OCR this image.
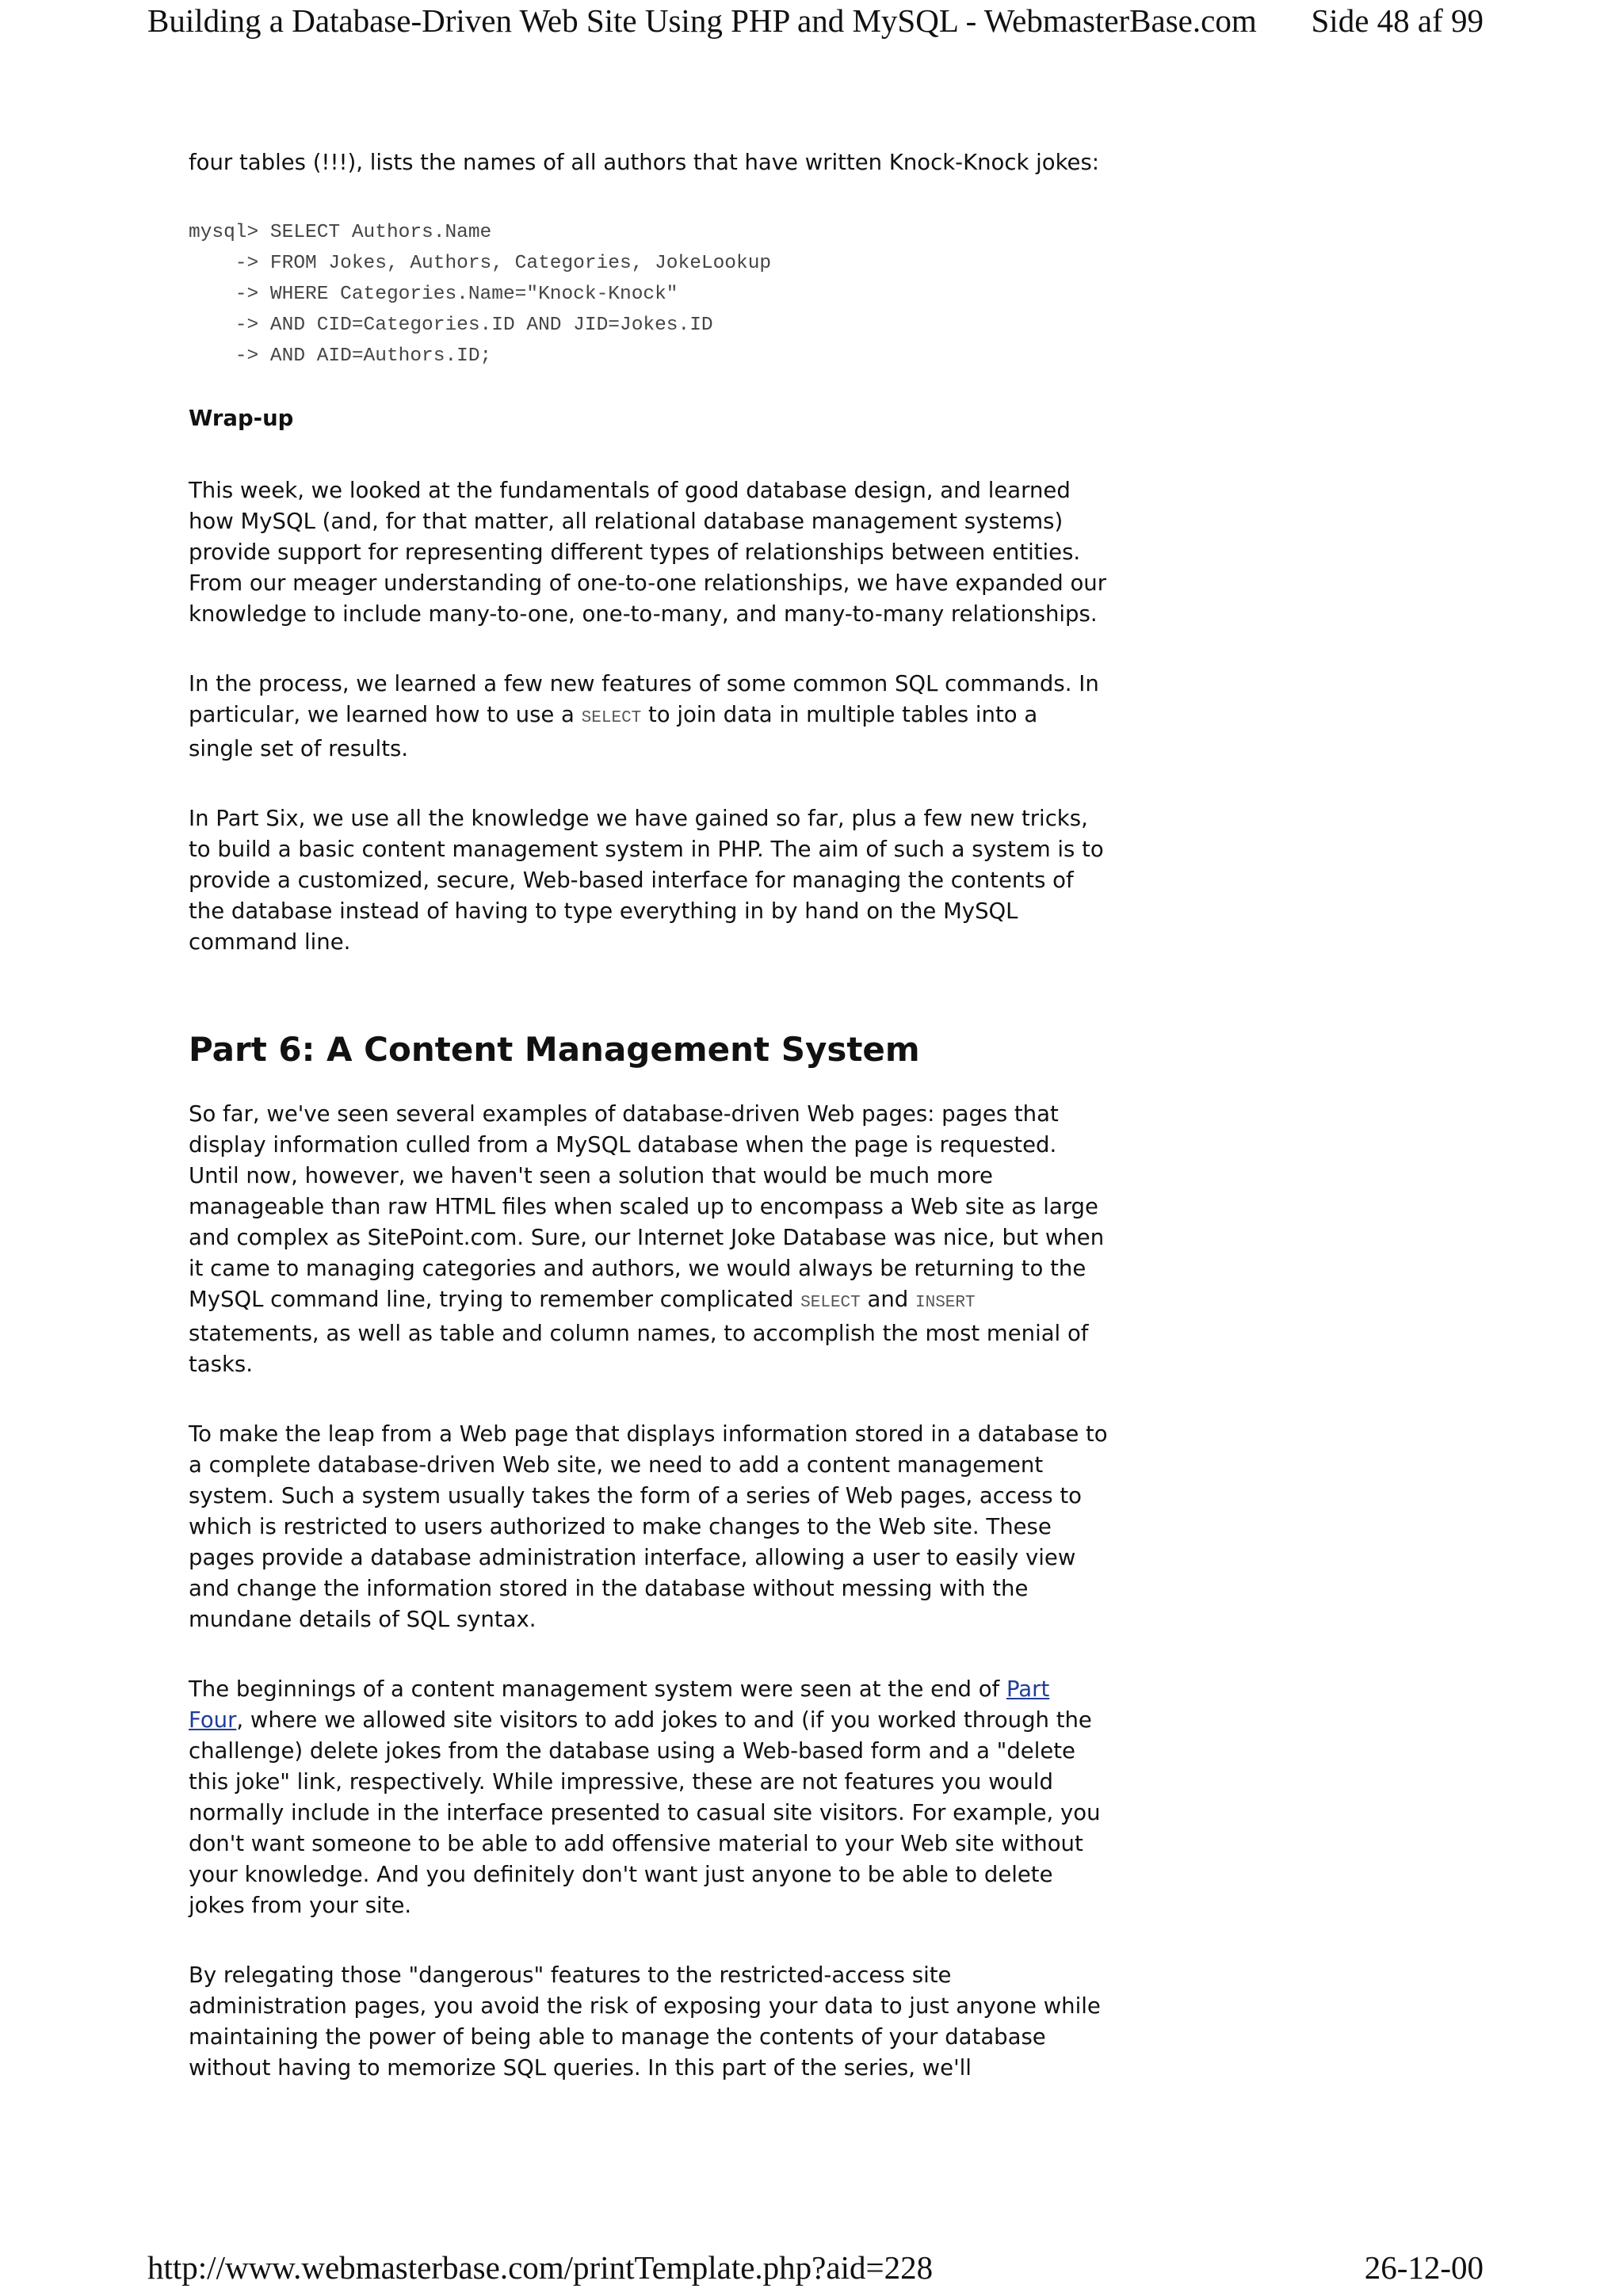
Building a Database-Driven Web Site Using PHP and MySQL - WebmasterBase.com Side 48 af 99

four tables (!!!), lists the names of all authors that have written Knock-Knock jokes:

mysql> SELECT Authors.Name
-> FROM Jokes, Authors, Categories, JokeLookup
-> WHERE Categories.Name="Knock-Knock"
-> AND CID=Categories.ID AND JID=Jokes.ID
-> AND AID=Authors.ID;
Wrap-up

This week, we looked at the fundamentals of good database design, and learned how MySQL (and, for that matter, all relational database management systems) provide support for representing different types of relationships between entities. From our meager understanding of one-to-one relationships, we have expanded our knowledge to include many-to-one, one-to-many, and many-to-many relationships.

In the process, we learned a few new features of some common SQL commands. In particular, we learned how to use a SELECT to join data in multiple tables into a single set of results.

In Part Six, we use all the knowledge we have gained so far, plus a few new tricks, to build a basic content management system in PHP. The aim of such a system is to provide a customized, secure, Web-based interface for managing the contents of the database instead of having to type everything in by hand on the MySQL command line.

Part 6: A Content Management System

So far, we've seen several examples of database-driven Web pages: pages that display information culled from a MySQL database when the page is requested. Until now, however, we haven't seen a solution that would be much more manageable than raw HTML files when scaled up to encompass a Web site as large and complex as SitePoint.com. Sure, our Internet Joke Database was nice, but when it came to managing categories and authors, we would always be returning to the MySQL command line, trying to remember complicated SELECT and INSERT statements, as well as table and column names, to accomplish the most menial of tasks.

To make the leap from a Web page that displays information stored in a database to a complete database-driven Web site, we need to add a content management system. Such a system usually takes the form of a series of Web pages, access to which is restricted to users authorized to make changes to the Web site. These pages provide a database administration interface, allowing a user to easily view and change the information stored in the database without messing with the mundane details of SQL syntax.

The beginnings of a content management system were seen at the end of Part Four, where we allowed site visitors to add jokes to and (if you worked through the challenge) delete jokes from the database using a Web-based form and a "delete this joke" link, respectively. While impressive, these are not features you would normally include in the interface presented to casual site visitors. For example, you don't want someone to be able to add offensive material to your Web site without your knowledge. And you definitely don't want just anyone to be able to delete jokes from your site.

By relegating those "dangerous" features to the restricted-access site administration pages, you avoid the risk of exposing your data to just anyone while maintaining the power of being able to manage the contents of your database without having to memorize SQL queries. In this part of the series, we'll

http://www.webmasterbase.com/printTemplate.php?aid=228	26-12-00
